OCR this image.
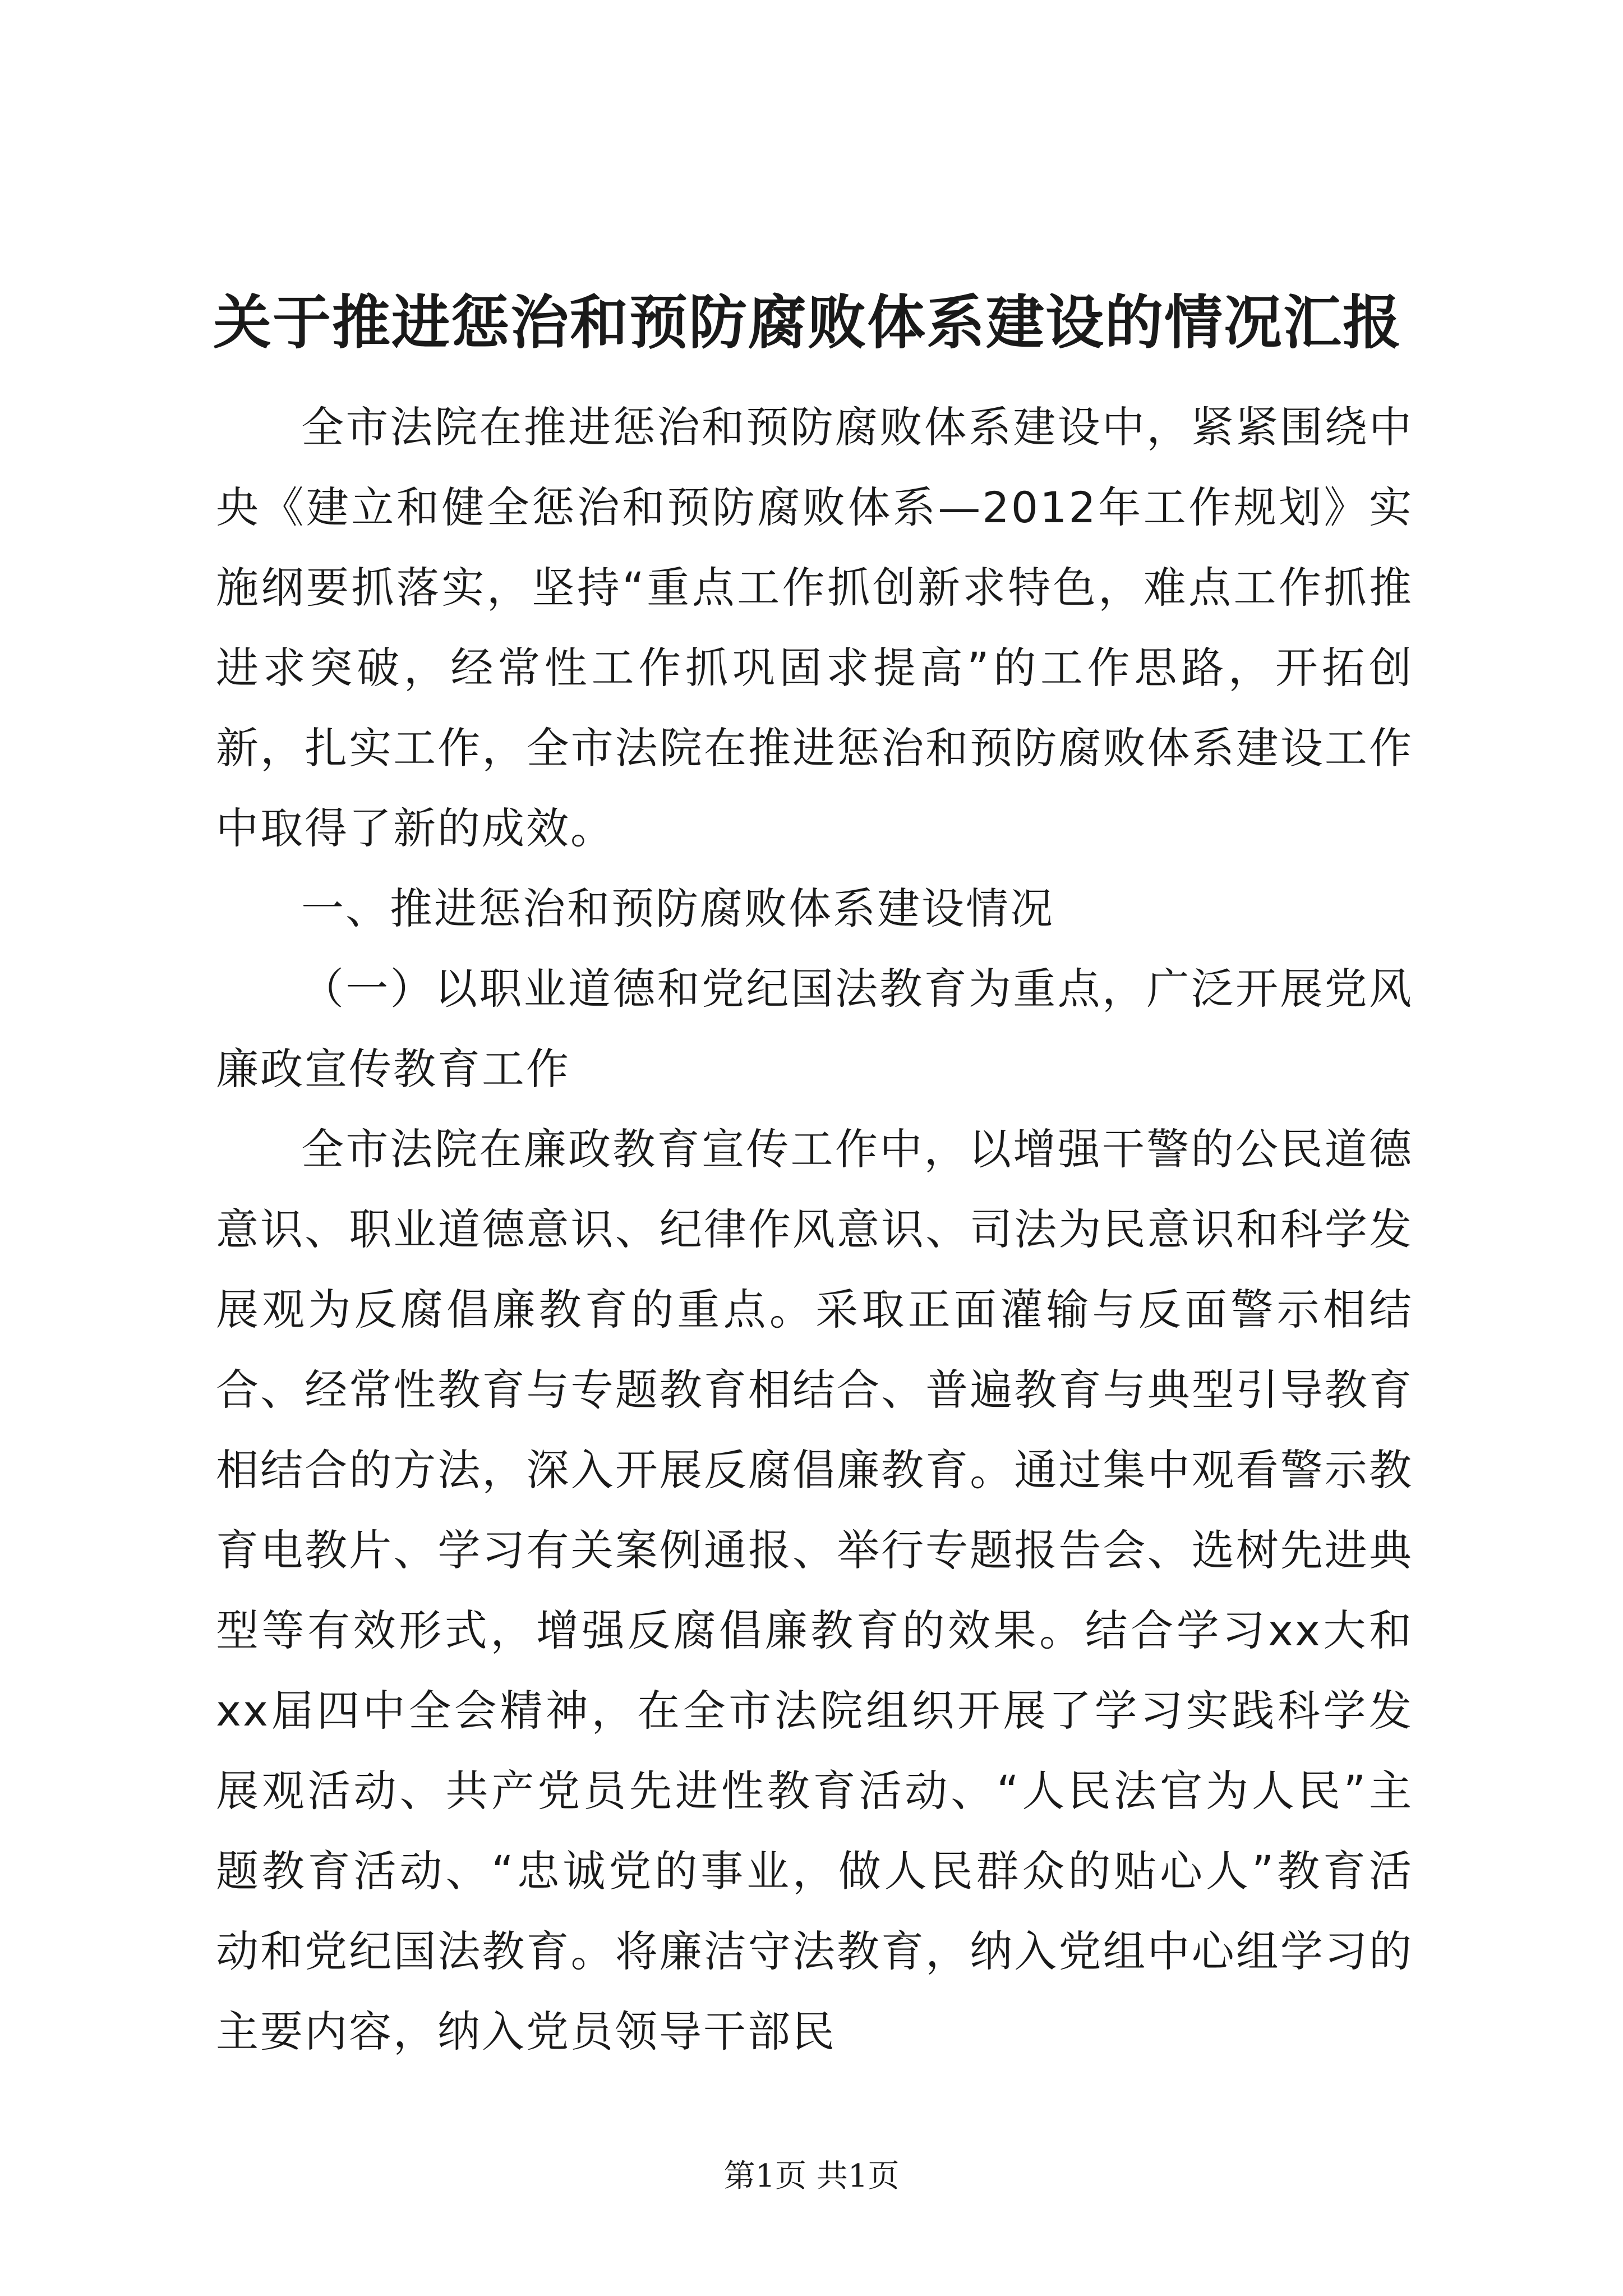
关于推进惩治和预防腐败体系建设的情况汇报

全市法院在推进惩治和预防腐败体系建设中，紧紧围绕中央《建立和健全惩治和预防腐败体系—2012年工作规划》实施纲要抓落实，坚持“重点工作抓创新求特色，难点工作抓推进求突破，经常性工作抓巩固求提高”的工作思路，开拓创新，扎实工作，全市法院在推进惩治和预防腐败体系建设工作中取得了新的成效。

一、推进惩治和预防腐败体系建设情况

（一）以职业道德和党纪国法教育为重点，广泛开展党风廉政宣传教育工作

全市法院在廉政教育宣传工作中，以增强干警的公民道德意识、职业道德意识、纪律作风意识、司法为民意识和科学发展观为反腐倡廉教育的重点。采取正面灌输与反面警示相结合、经常性教育与专题教育相结合、普遍教育与典型引导教育相结合的方法，深入开展反腐倡廉教育。通过集中观看警示教育电教片、学习有关案例通报、举行专题报告会、选树先进典型等有效形式，增强反腐倡廉教育的效果。结合学习xx大和xx届四中全会精神，在全市法院组织开展了学习实践科学发展观活动、共产党员先进性教育活动、“人民法官为人民”主题教育活动、“忠诚党的事业，做人民群众的贴心人”教育活动和党纪国法教育。将廉洁守法教育，纳入党组中心组学习的主要内容，纳入党员领导干部民

第1页 共1页
